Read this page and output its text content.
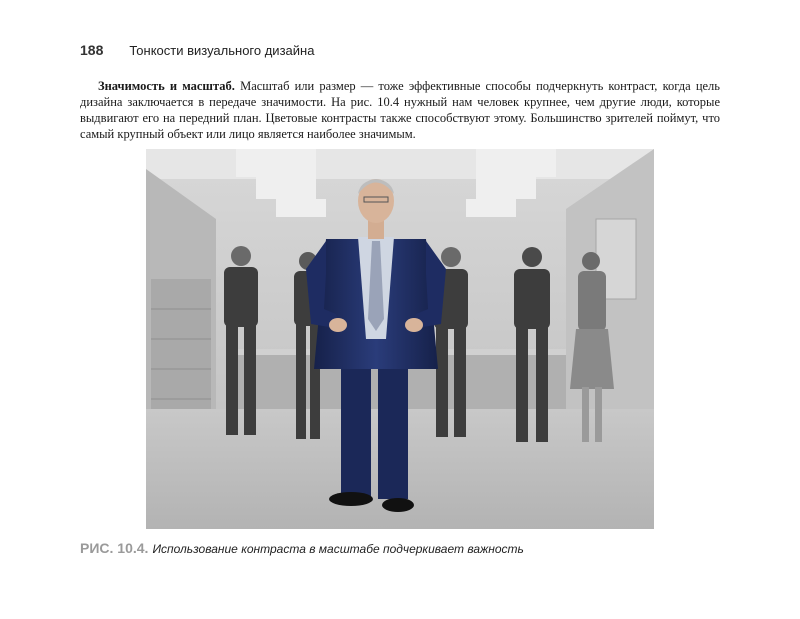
188 Тонкости визуального дизайна

Значимость и масштаб. Масштаб или размер — тоже эффективные способы подчеркнуть контраст, когда цель дизайна заключается в передаче значимости. На рис. 10.4 нужный нам человек крупнее, чем другие люди, которые выдвигают его на передний план. Цветовые контрасты также способствуют этому. Большинство зрителей поймут, что самый крупный объект или лицо является наиболее значимым.

РИС. 10.4. Использование контраста в масштабе подчеркивает важность
